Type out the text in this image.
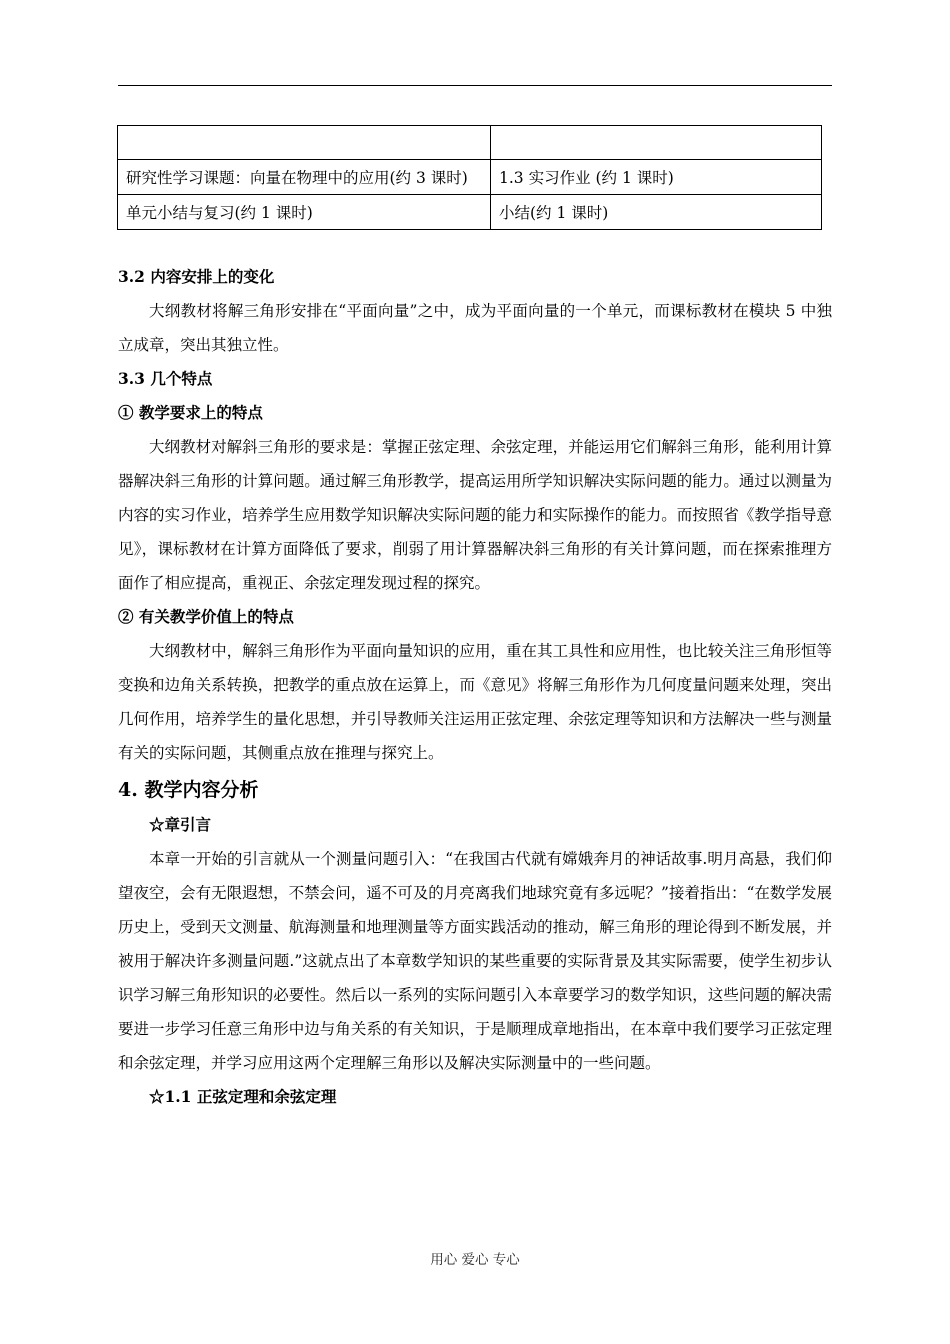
研究性学习课题：向量在物理中的应用(约 3 课时)	1.3 实习作业 (约 1 课时)
单元小结与复习(约 1 课时)	小结(约 1 课时)
3.2 内容安排上的变化
大纲教材将解三角形安排在“平面向量”之中，成为平面向量的一个单元，而课标教材在模块 5 中独立成章，突出其独立性。
3.3 几个特点
① 教学要求上的特点
大纲教材对解斜三角形的要求是：掌握正弦定理、余弦定理，并能运用它们解斜三角形，能利用计算器解决斜三角形的计算问题。通过解三角形教学，提高运用所学知识解决实际问题的能力。通过以测量为内容的实习作业，培养学生应用数学知识解决实际问题的能力和实际操作的能力。而按照省《教学指导意见》，课标教材在计算方面降低了要求，削弱了用计算器解决斜三角形的有关计算问题，而在探索推理方面作了相应提高，重视正、余弦定理发现过程的探究。
② 有关教学价值上的特点
大纲教材中，解斜三角形作为平面向量知识的应用，重在其工具性和应用性，也比较关注三角形恒等变换和边角关系转换，把教学的重点放在运算上，而《意见》将解三角形作为几何度量问题来处理，突出几何作用，培养学生的量化思想，并引导教师关注运用正弦定理、余弦定理等知识和方法解决一些与测量有关的实际问题，其侧重点放在推理与探究上。
4. 教学内容分析
☆章引言
本章一开始的引言就从一个测量问题引入：“在我国古代就有嫦娥奔月的神话故事.明月高悬，我们仰望夜空，会有无限遐想，不禁会问，遥不可及的月亮离我们地球究竟有多远呢？”接着指出：“在数学发展历史上，受到天文测量、航海测量和地理测量等方面实践活动的推动，解三角形的理论得到不断发展，并被用于解决许多测量问题.”这就点出了本章数学知识的某些重要的实际背景及其实际需要，使学生初步认识学习解三角形知识的必要性。然后以一系列的实际问题引入本章要学习的数学知识，这些问题的解决需要进一步学习任意三角形中边与角关系的有关知识，于是顺理成章地指出，在本章中我们要学习正弦定理和余弦定理，并学习应用这两个定理解三角形以及解决实际测量中的一些问题。
☆1.1 正弦定理和余弦定理
用心 爱心 专心
